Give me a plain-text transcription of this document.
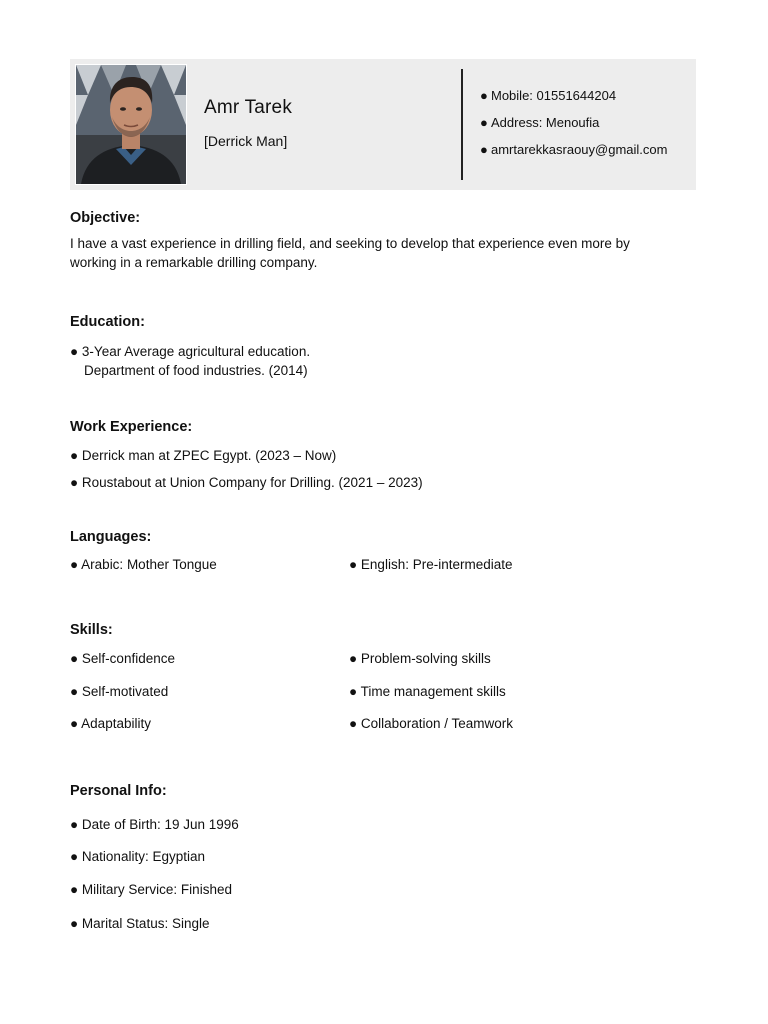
Amr Tarek
[Derrick Man]
● Mobile: 01551644204
● Address: Menoufia
● amrtarekkasraouy@gmail.com
Objective:

I have a vast experience in drilling field, and seeking to develop that experience even more by
working in a remarkable drilling company.

Education:
● 3-Year Average agricultural education.
Department of food industries. (2014)
Work Experience:
● Derrick man at ZPEC Egypt. (2023 – Now)
● Roustabout at Union Company for Drilling. (2021 – 2023)
Languages:
● Arabic: Mother Tongue	● English: Pre-intermediate
Skills:
● Self-confidence	● Problem-solving skills
● Self-motivated	● Time management skills
● Adaptability	● Collaboration / Teamwork
Personal Info:
● Date of Birth: 19 Jun 1996
● Nationality: Egyptian
● Military Service: Finished
● Marital Status: Single
